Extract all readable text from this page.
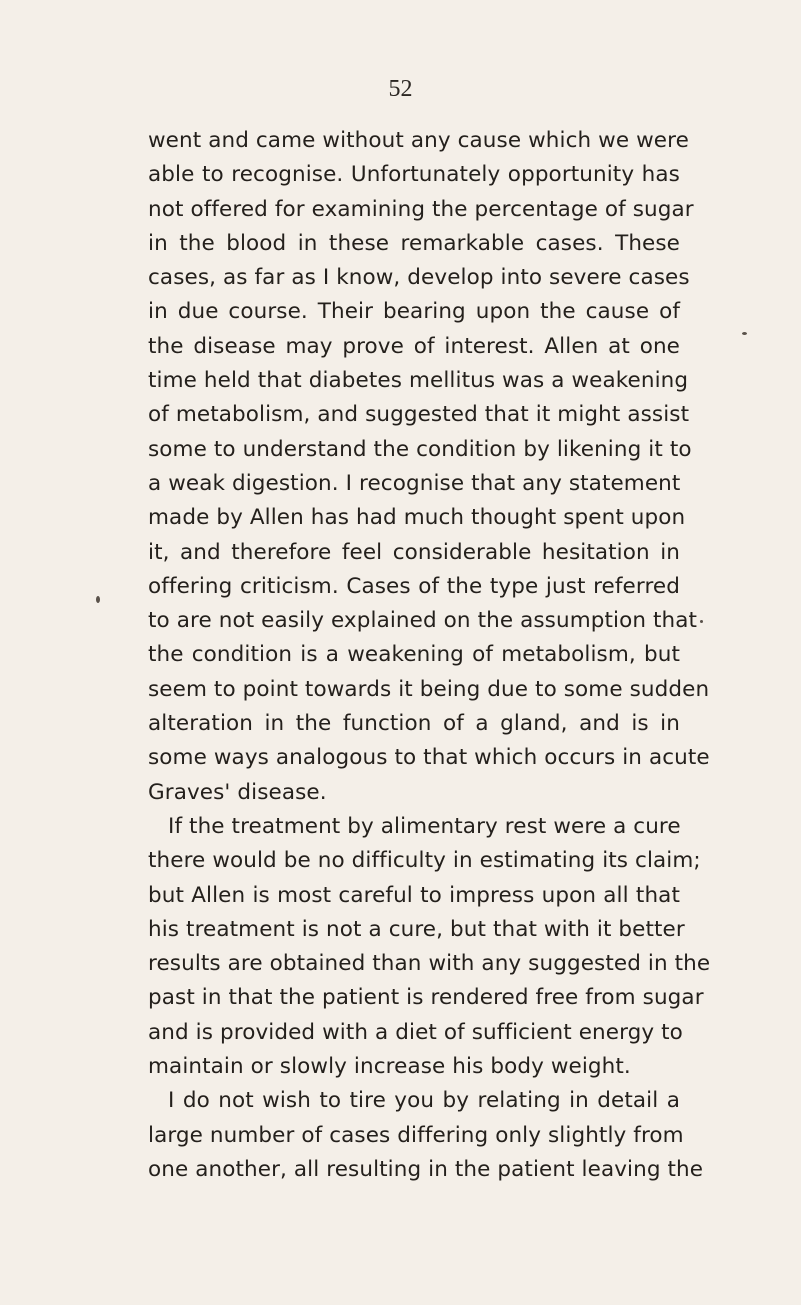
52
went and came without any cause which we were
able to recognise. Unfortunately opportunity has
not offered for examining the percentage of sugar
in the blood in these remarkable cases. These
cases, as far as I know, develop into severe cases
in due course. Their bearing upon the cause of
the disease may prove of interest. Allen at one
time held that diabetes mellitus was a weakening
of metabolism, and suggested that it might assist
some to understand the condition by likening it to
a weak digestion. I recognise that any statement
made by Allen has had much thought spent upon
it, and therefore feel considerable hesitation in
offering criticism. Cases of the type just referred
to are not easily explained on the assumption that
the condition is a weakening of metabolism, but
seem to point towards it being due to some sudden
alteration in the function of a gland, and is in
some ways analogous to that which occurs in acute
Graves' disease.
If the treatment by alimentary rest were a cure
there would be no difficulty in estimating its claim;
but Allen is most careful to impress upon all that
his treatment is not a cure, but that with it better
results are obtained than with any suggested in the
past in that the patient is rendered free from sugar
and is provided with a diet of sufficient energy to
maintain or slowly increase his body weight.
I do not wish to tire you by relating in detail a
large number of cases differing only slightly from
one another, all resulting in the patient leaving the
